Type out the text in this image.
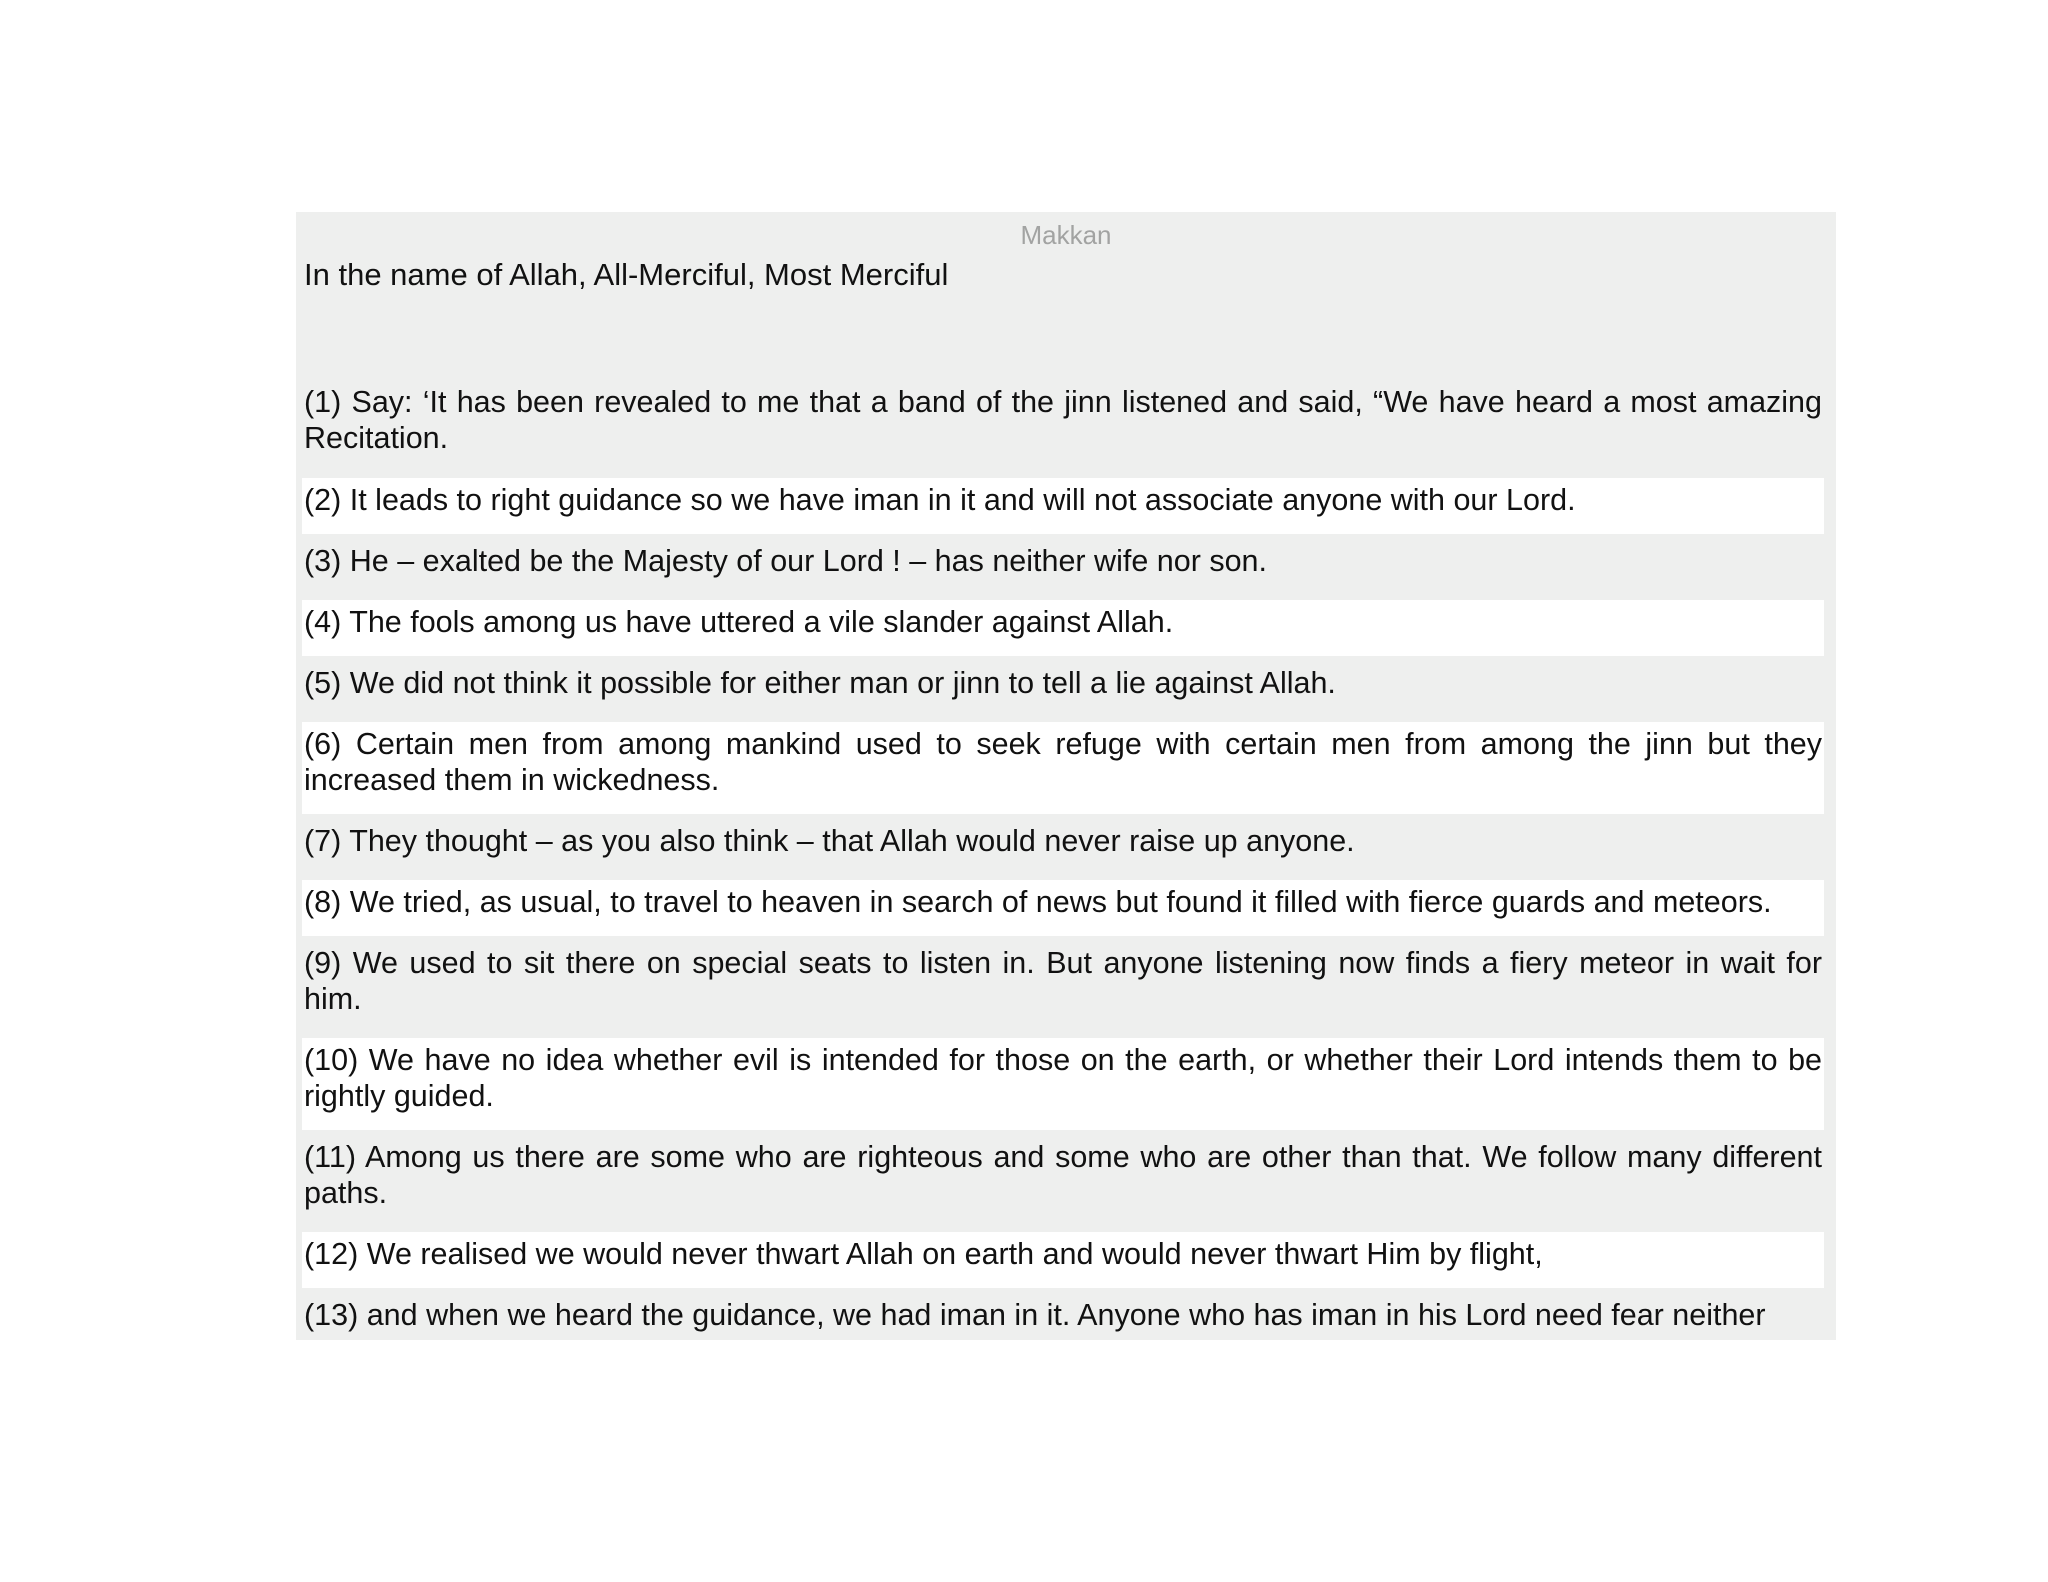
Makkan
In the name of Allah, All-Merciful, Most Merciful
(1) Say: ‘It has been revealed to me that a band of the jinn listened and said, “We have heard a most amazing Recitation.
(2) It leads to right guidance so we have iman in it and will not associate anyone with our Lord.
(3) He – exalted be the Majesty of our Lord ! – has neither wife nor son.
(4) The fools among us have uttered a vile slander against Allah.
(5) We did not think it possible for either man or jinn to tell a lie against Allah.
(6) Certain men from among mankind used to seek refuge with certain men from among the jinn but they increased them in wickedness.
(7) They thought – as you also think – that Allah would never raise up anyone.
(8) We tried, as usual, to travel to heaven in search of news but found it filled with fierce guards and meteors.
(9) We used to sit there on special seats to listen in. But anyone listening now finds a fiery meteor in wait for him.
(10) We have no idea whether evil is intended for those on the earth, or whether their Lord intends them to be rightly guided.
(11) Among us there are some who are righteous and some who are other than that. We follow many different paths.
(12) We realised we would never thwart Allah on earth and would never thwart Him by flight,
(13) and when we heard the guidance, we had iman in it. Anyone who has iman in his Lord need fear neither
